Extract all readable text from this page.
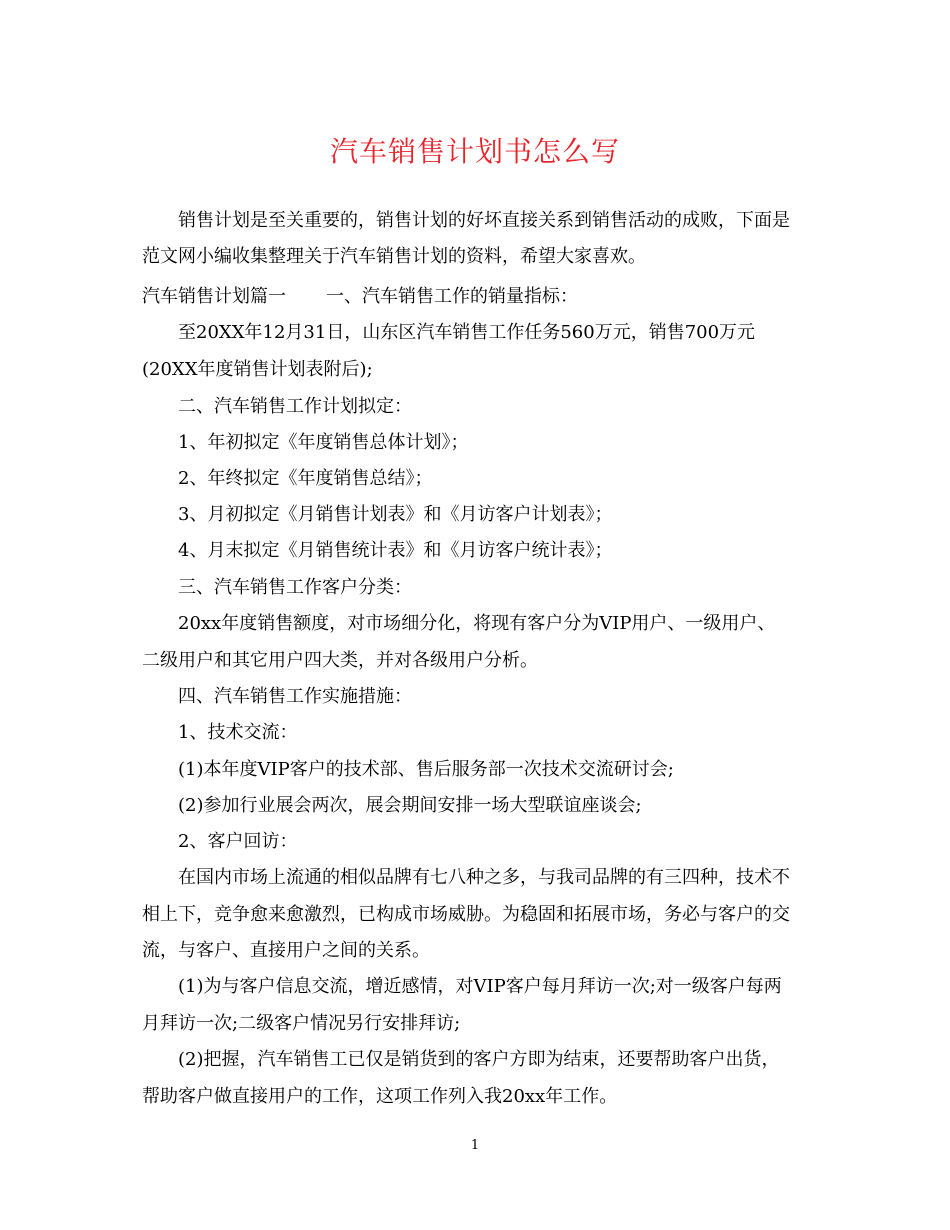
汽车销售计划书怎么写
销售计划是至关重要的，销售计划的好坏直接关系到销售活动的成败，下面是
范文网小编收集整理关于汽车销售计划的资料，希望大家喜欢。
汽车销售计划篇一 一、汽车销售工作的销量指标：
至20XX年12月31日，山东区汽车销售工作任务560万元，销售700万元
(20XX年度销售计划表附后);
二、汽车销售工作计划拟定：
1、年初拟定《年度销售总体计划》；
2、年终拟定《年度销售总结》；
3、月初拟定《月销售计划表》和《月访客户计划表》；
4、月末拟定《月销售统计表》和《月访客户统计表》；
三、汽车销售工作客户分类：
20xx年度销售额度，对市场细分化，将现有客户分为VIP用户、一级用户、
二级用户和其它用户四大类，并对各级用户分析。
四、汽车销售工作实施措施：
1、技术交流：
(1)本年度VIP客户的技术部、售后服务部一次技术交流研讨会;
(2)参加行业展会两次，展会期间安排一场大型联谊座谈会;
2、客户回访：
在国内市场上流通的相似品牌有七八种之多，与我司品牌的有三四种，技术不
相上下，竞争愈来愈激烈，已构成市场威胁。为稳固和拓展市场，务必与客户的交
流，与客户、直接用户之间的关系。
(1)为与客户信息交流，增近感情，对VIP客户每月拜访一次;对一级客户每两
月拜访一次;二级客户情况另行安排拜访;
(2)把握，汽车销售工已仅是销货到的客户方即为结束，还要帮助客户出货，
帮助客户做直接用户的工作，这项工作列入我20xx年工作。
1
